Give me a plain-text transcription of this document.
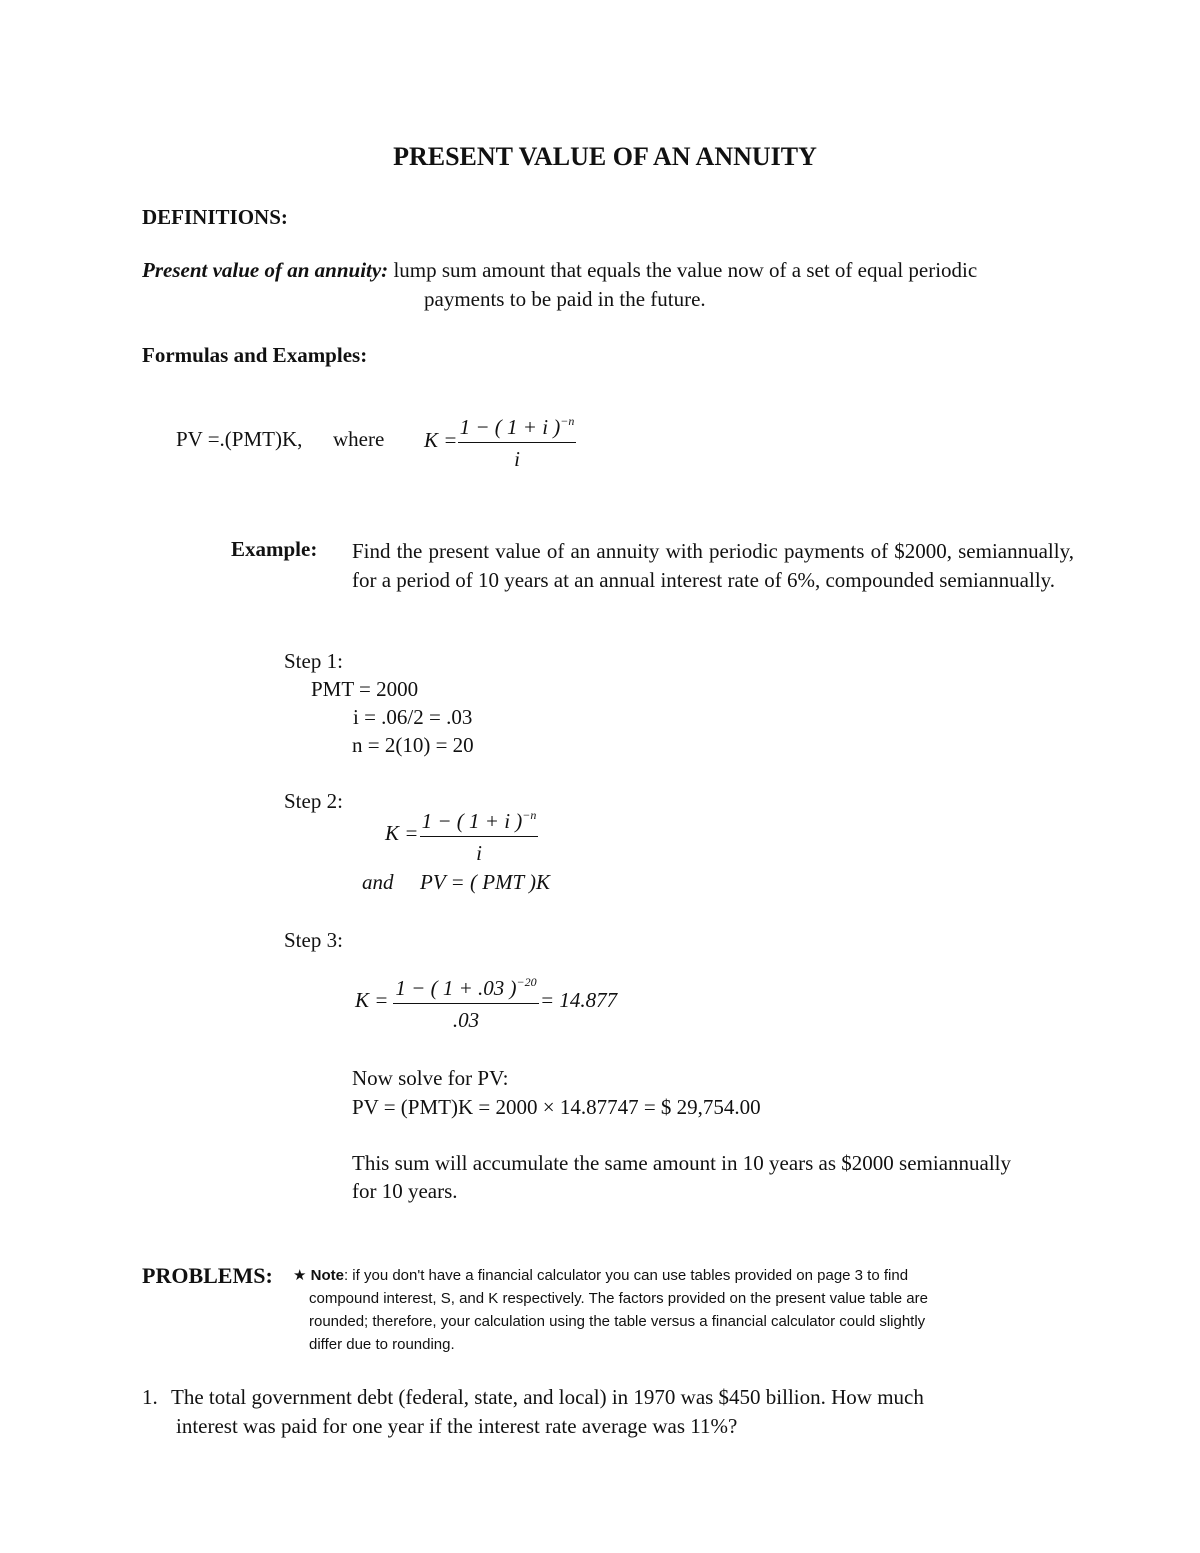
PRESENT VALUE OF AN ANNUITY
DEFINITIONS:
Present value of an annuity: lump sum amount that equals the value now of a set of equal periodic
payments to be paid in the future.
Formulas and Examples:
PV =.(PMT)K, where K =
1 − ( 1 + i )$^{-n}$
i
Example: Find the present value of an annuity with periodic payments of $2000, semiannually, for a period of 10 years at an annual interest rate of 6%, compounded semiannually.
Step 1:
PMT = 2000
i = .06/2 = .03
n = 2(10) = 20
Step 2:
K = 1 − ( 1 + i )$^{-n}$
i
and PV = ( PMT )K
Step 3:
K = 1 − ( 1 + .03 )$^{-20}$
.03
= 14.877
Now solve for PV:
PV = (PMT)K = 2000 × 14.87747 = $ 29,754.00
This sum will accumulate the same amount in 10 years as $2000 semiannually
for 10 years.
PROBLEMS: ★ Note: if you don't have a financial calculator you can use tables provided on page 3 to find
compound interest, S, and K respectively. The factors provided on the present value table are
rounded; therefore, your calculation using the table versus a financial calculator could slightly
differ due to rounding.
1. The total government debt (federal, state, and local) in 1970 was $450 billion. How much
interest was paid for one year if the interest rate average was 11%?
